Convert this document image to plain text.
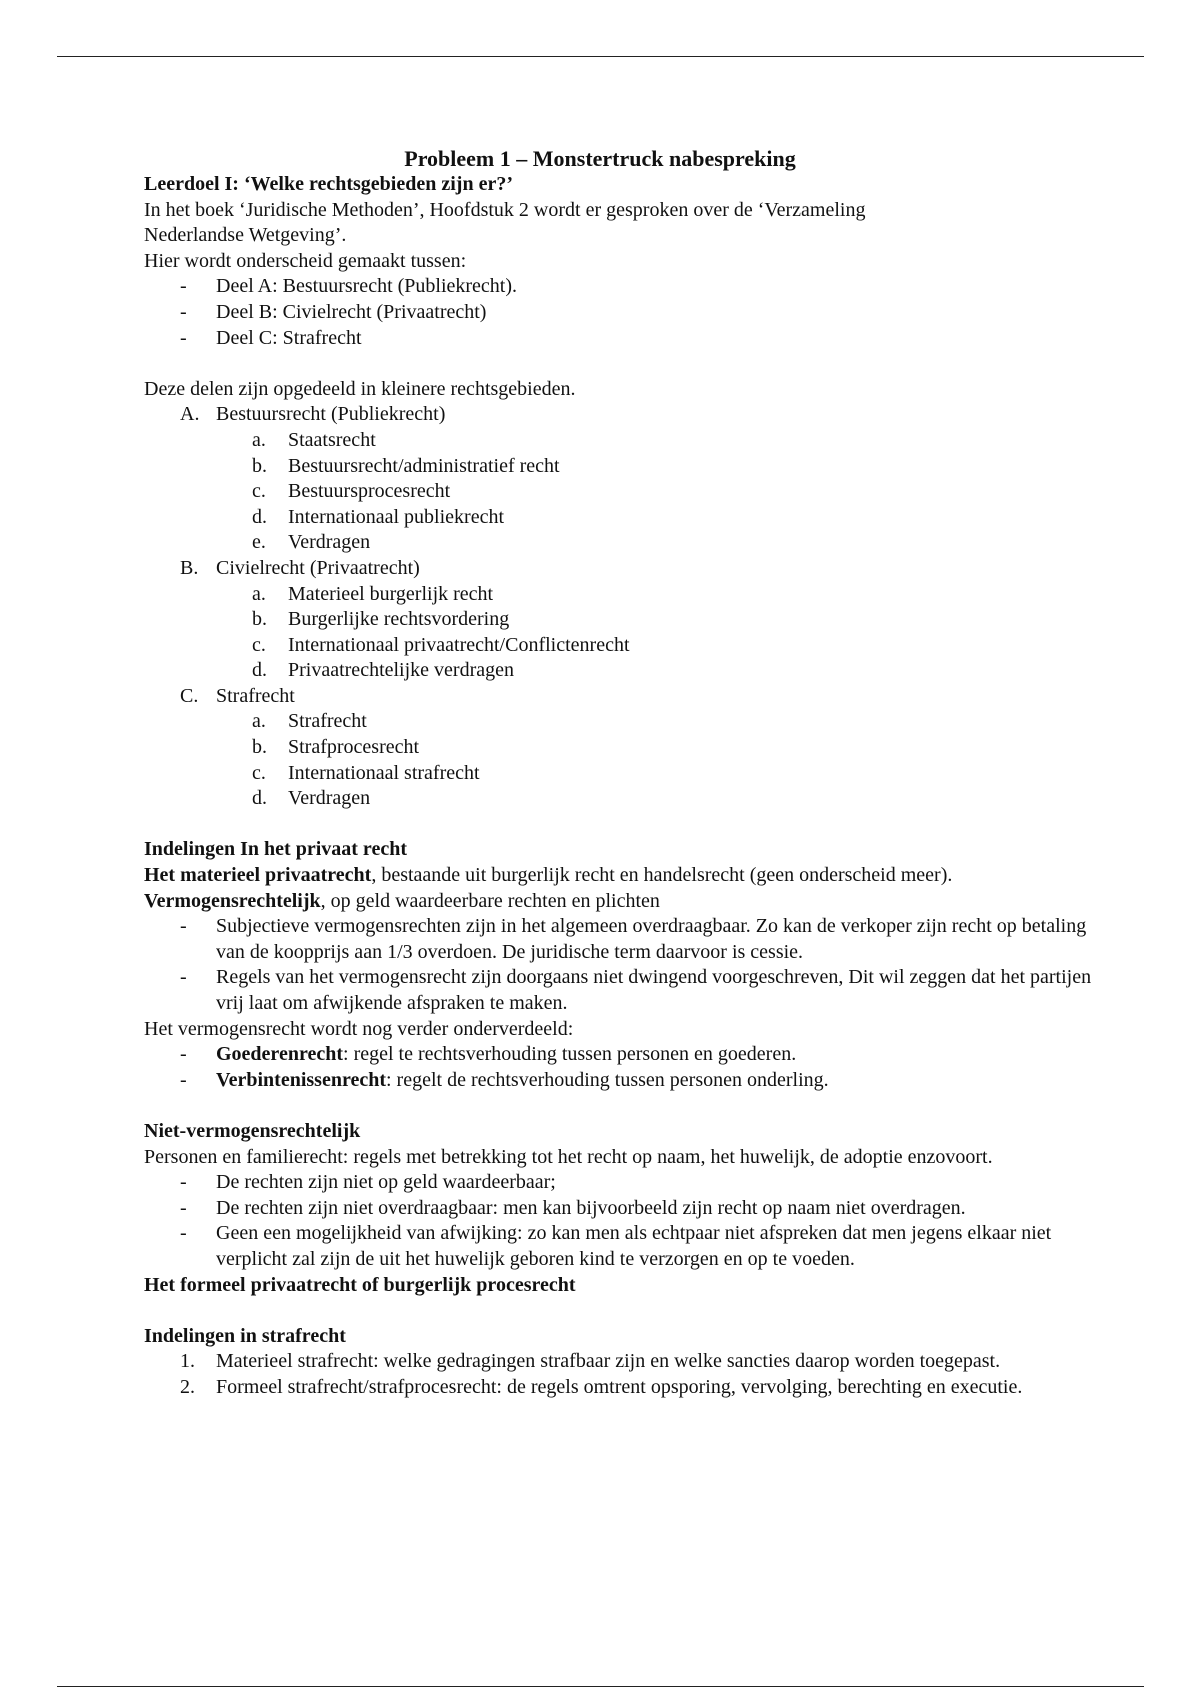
Probleem 1 – Monstertruck nabespreking

Leerdoel I: ‘Welke rechtsgebieden zijn er?’

In het boek ‘Juridische Methoden’, Hoofdstuk 2 wordt er gesproken over de ‘Verzameling
Nederlandse Wetgeving’.

Hier wordt onderscheid gemaakt tussen:

-	Deel A: Bestuursrecht (Publiekrecht).
-	Deel B: Civielrecht (Privaatrecht)
-	Deel C: Strafrecht

Deze delen zijn opgedeeld in kleinere rechtsgebieden.

A. Bestuursrecht (Publiekrecht)
a.	Staatsrecht
b.	Bestuursrecht/administratief recht
c.	Bestuursprocesrecht
d.	Internationaal publiekrecht
e.	Verdragen
B. Civielrecht (Privaatrecht)
a.	Materieel burgerlijk recht
b.	Burgerlijke rechtsvordering
c.	Internationaal privaatrecht/Conflictenrecht
d.	Privaatrechtelijke verdragen
C. Strafrecht
a.	Strafrecht
b.	Strafprocesrecht
c.	Internationaal strafrecht
d.	Verdragen

Indelingen In het privaat recht

Het materieel privaatrecht, bestaande uit burgerlijk recht en handelsrecht (geen onderscheid meer).

Vermogensrechtelijk, op geld waardeerbare rechten en plichten

-	Subjectieve vermogensrechten zijn in het algemeen overdraagbaar. Zo kan de verkoper zijn recht op betaling van de koopprijs aan 1/3 overdoen. De juridische term daarvoor is cessie.
-	Regels van het vermogensrecht zijn doorgaans niet dwingend voorgeschreven, Dit wil zeggen dat het partijen vrij laat om afwijkende afspraken te maken.

Het vermogensrecht wordt nog verder onderverdeeld:

-	Goederenrecht: regel te rechtsverhouding tussen personen en goederen.
-	Verbintenissenrecht: regelt de rechtsverhouding tussen personen onderling.

Niet-vermogensrechtelijk

Personen en familierecht: regels met betrekking tot het recht op naam, het huwelijk, de adoptie enzovoort.

-	De rechten zijn niet op geld waardeerbaar;
-	De rechten zijn niet overdraagbaar: men kan bijvoorbeeld zijn recht op naam niet overdragen.
-	Geen een mogelijkheid van afwijking: zo kan men als echtpaar niet afspreken dat men jegens elkaar niet verplicht zal zijn de uit het huwelijk geboren kind te verzorgen en op te voeden.

Het formeel privaatrecht of burgerlijk procesrecht

Indelingen in strafrecht

1.	Materieel strafrecht: welke gedragingen strafbaar zijn en welke sancties daarop worden toegepast.
2.	Formeel strafrecht/strafprocesrecht: de regels omtrent opsporing, vervolging, berechting en executie.
